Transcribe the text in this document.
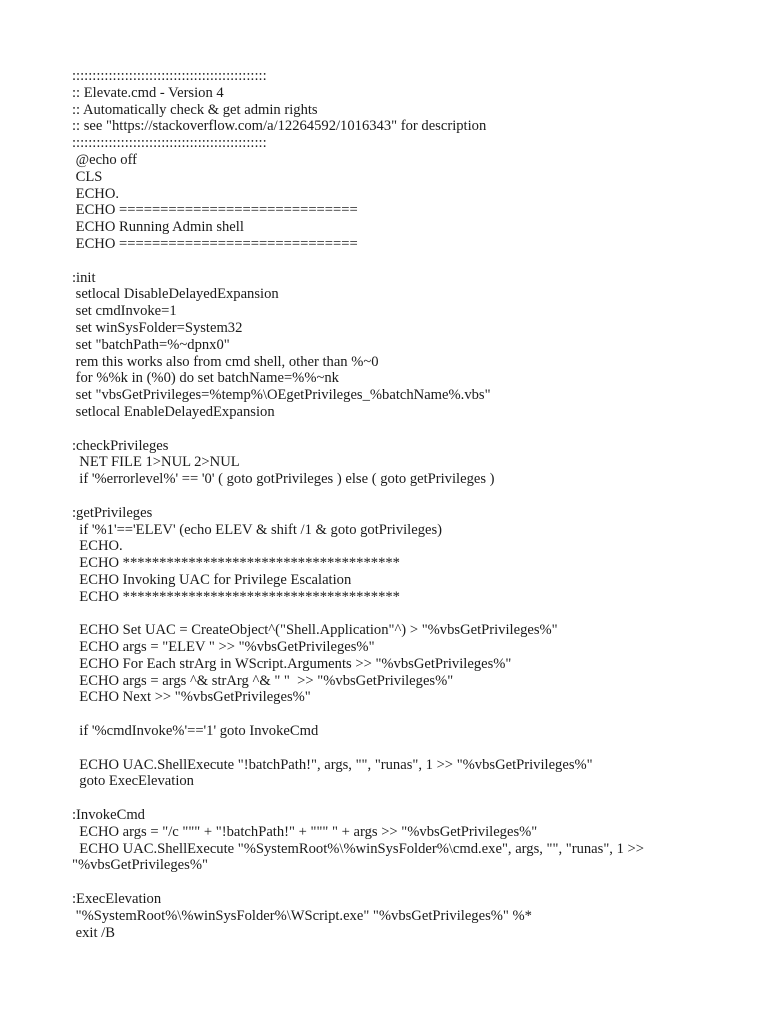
::::::::::::::::::::::::::::::::::::::::::::::::
:: Elevate.cmd - Version 4
:: Automatically check & get admin rights
:: see "https://stackoverflow.com/a/12264592/1016343" for description
::::::::::::::::::::::::::::::::::::::::::::::::
@echo off
CLS
ECHO.
ECHO =============================
ECHO Running Admin shell
ECHO =============================
:init
setlocal DisableDelayedExpansion
set cmdInvoke=1
set winSysFolder=System32
set "batchPath=%~dpnx0"
rem this works also from cmd shell, other than %~0
for %%k in (%0) do set batchName=%%~nk
set "vbsGetPrivileges=%temp%\OEgetPrivileges_%batchName%.vbs"
setlocal EnableDelayedExpansion
:checkPrivileges
NET FILE 1>NUL 2>NUL
if '%errorlevel%' == '0' ( goto gotPrivileges ) else ( goto getPrivileges )
:getPrivileges
if '%1'=='ELEV' (echo ELEV & shift /1 & goto gotPrivileges)
ECHO.
ECHO **************************************
ECHO Invoking UAC for Privilege Escalation
ECHO **************************************
ECHO Set UAC = CreateObject^("Shell.Application"^) > "%vbsGetPrivileges%"
ECHO args = "ELEV " >> "%vbsGetPrivileges%"
ECHO For Each strArg in WScript.Arguments >> "%vbsGetPrivileges%"
ECHO args = args ^& strArg ^& " "  >> "%vbsGetPrivileges%"
ECHO Next >> "%vbsGetPrivileges%"
if '%cmdInvoke%'=='1' goto InvokeCmd
ECHO UAC.ShellExecute "!batchPath!", args, "", "runas", 1 >> "%vbsGetPrivileges%"
goto ExecElevation
:InvokeCmd
ECHO args = "/c """ + "!batchPath!" + """ " + args >> "%vbsGetPrivileges%"
ECHO UAC.ShellExecute "%SystemRoot%\%winSysFolder%\cmd.exe", args, "", "runas", 1 >>
"%vbsGetPrivileges%"
:ExecElevation
"%SystemRoot%\%winSysFolder%\WScript.exe" "%vbsGetPrivileges%" %*
exit /B
